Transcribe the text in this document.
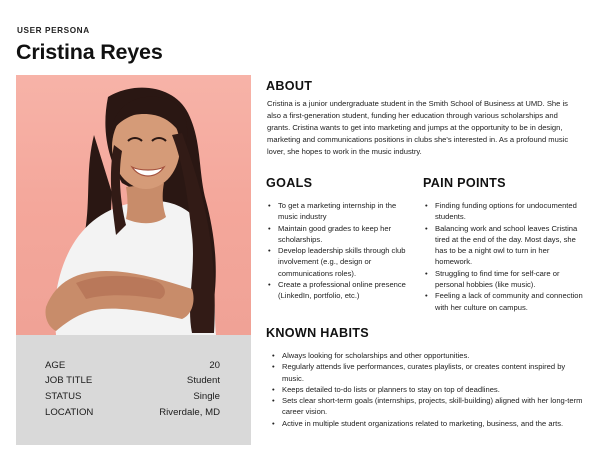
USER PERSONA
Cristina Reyes
AGE	20
JOB TITLE	Student
STATUS	Single
LOCATION	Riverdale, MD
ABOUT

Cristina is a junior undergraduate student in the Smith School of Business at UMD. She is also a first-generation student, funding her education through various scholarships and grants. Cristina wants to get into marketing and jumps at the opportunity to be in design, marketing and communications positions in clubs she's interested in. As a profound music lover, she hopes to work in the music industry.

GOALS
• To get a marketing internship in the music industry
• Maintain good grades to keep her scholarships.
• Develop leadership skills through club involvement (e.g., design or communications roles).
• Create a professional online presence (LinkedIn, portfolio, etc.)
PAIN POINTS
• Finding funding options for undocumented students.
• Balancing work and school leaves Cristina tired at the end of the day. Most days, she has to be a night owl to turn in her homework.
• Struggling to find time for self-care or personal hobbies (like music).
• Feeling a lack of community and connection with her culture on campus.
KNOWN HABITS
• Always looking for scholarships and other opportunities.
• Regularly attends live performances, curates playlists, or creates content inspired by music.
• Keeps detailed to-do lists or planners to stay on top of deadlines.
• Sets clear short-term goals (internships, projects, skill-building) aligned with her long-term career vision.
• Active in multiple student organizations related to marketing, business, and the arts.
